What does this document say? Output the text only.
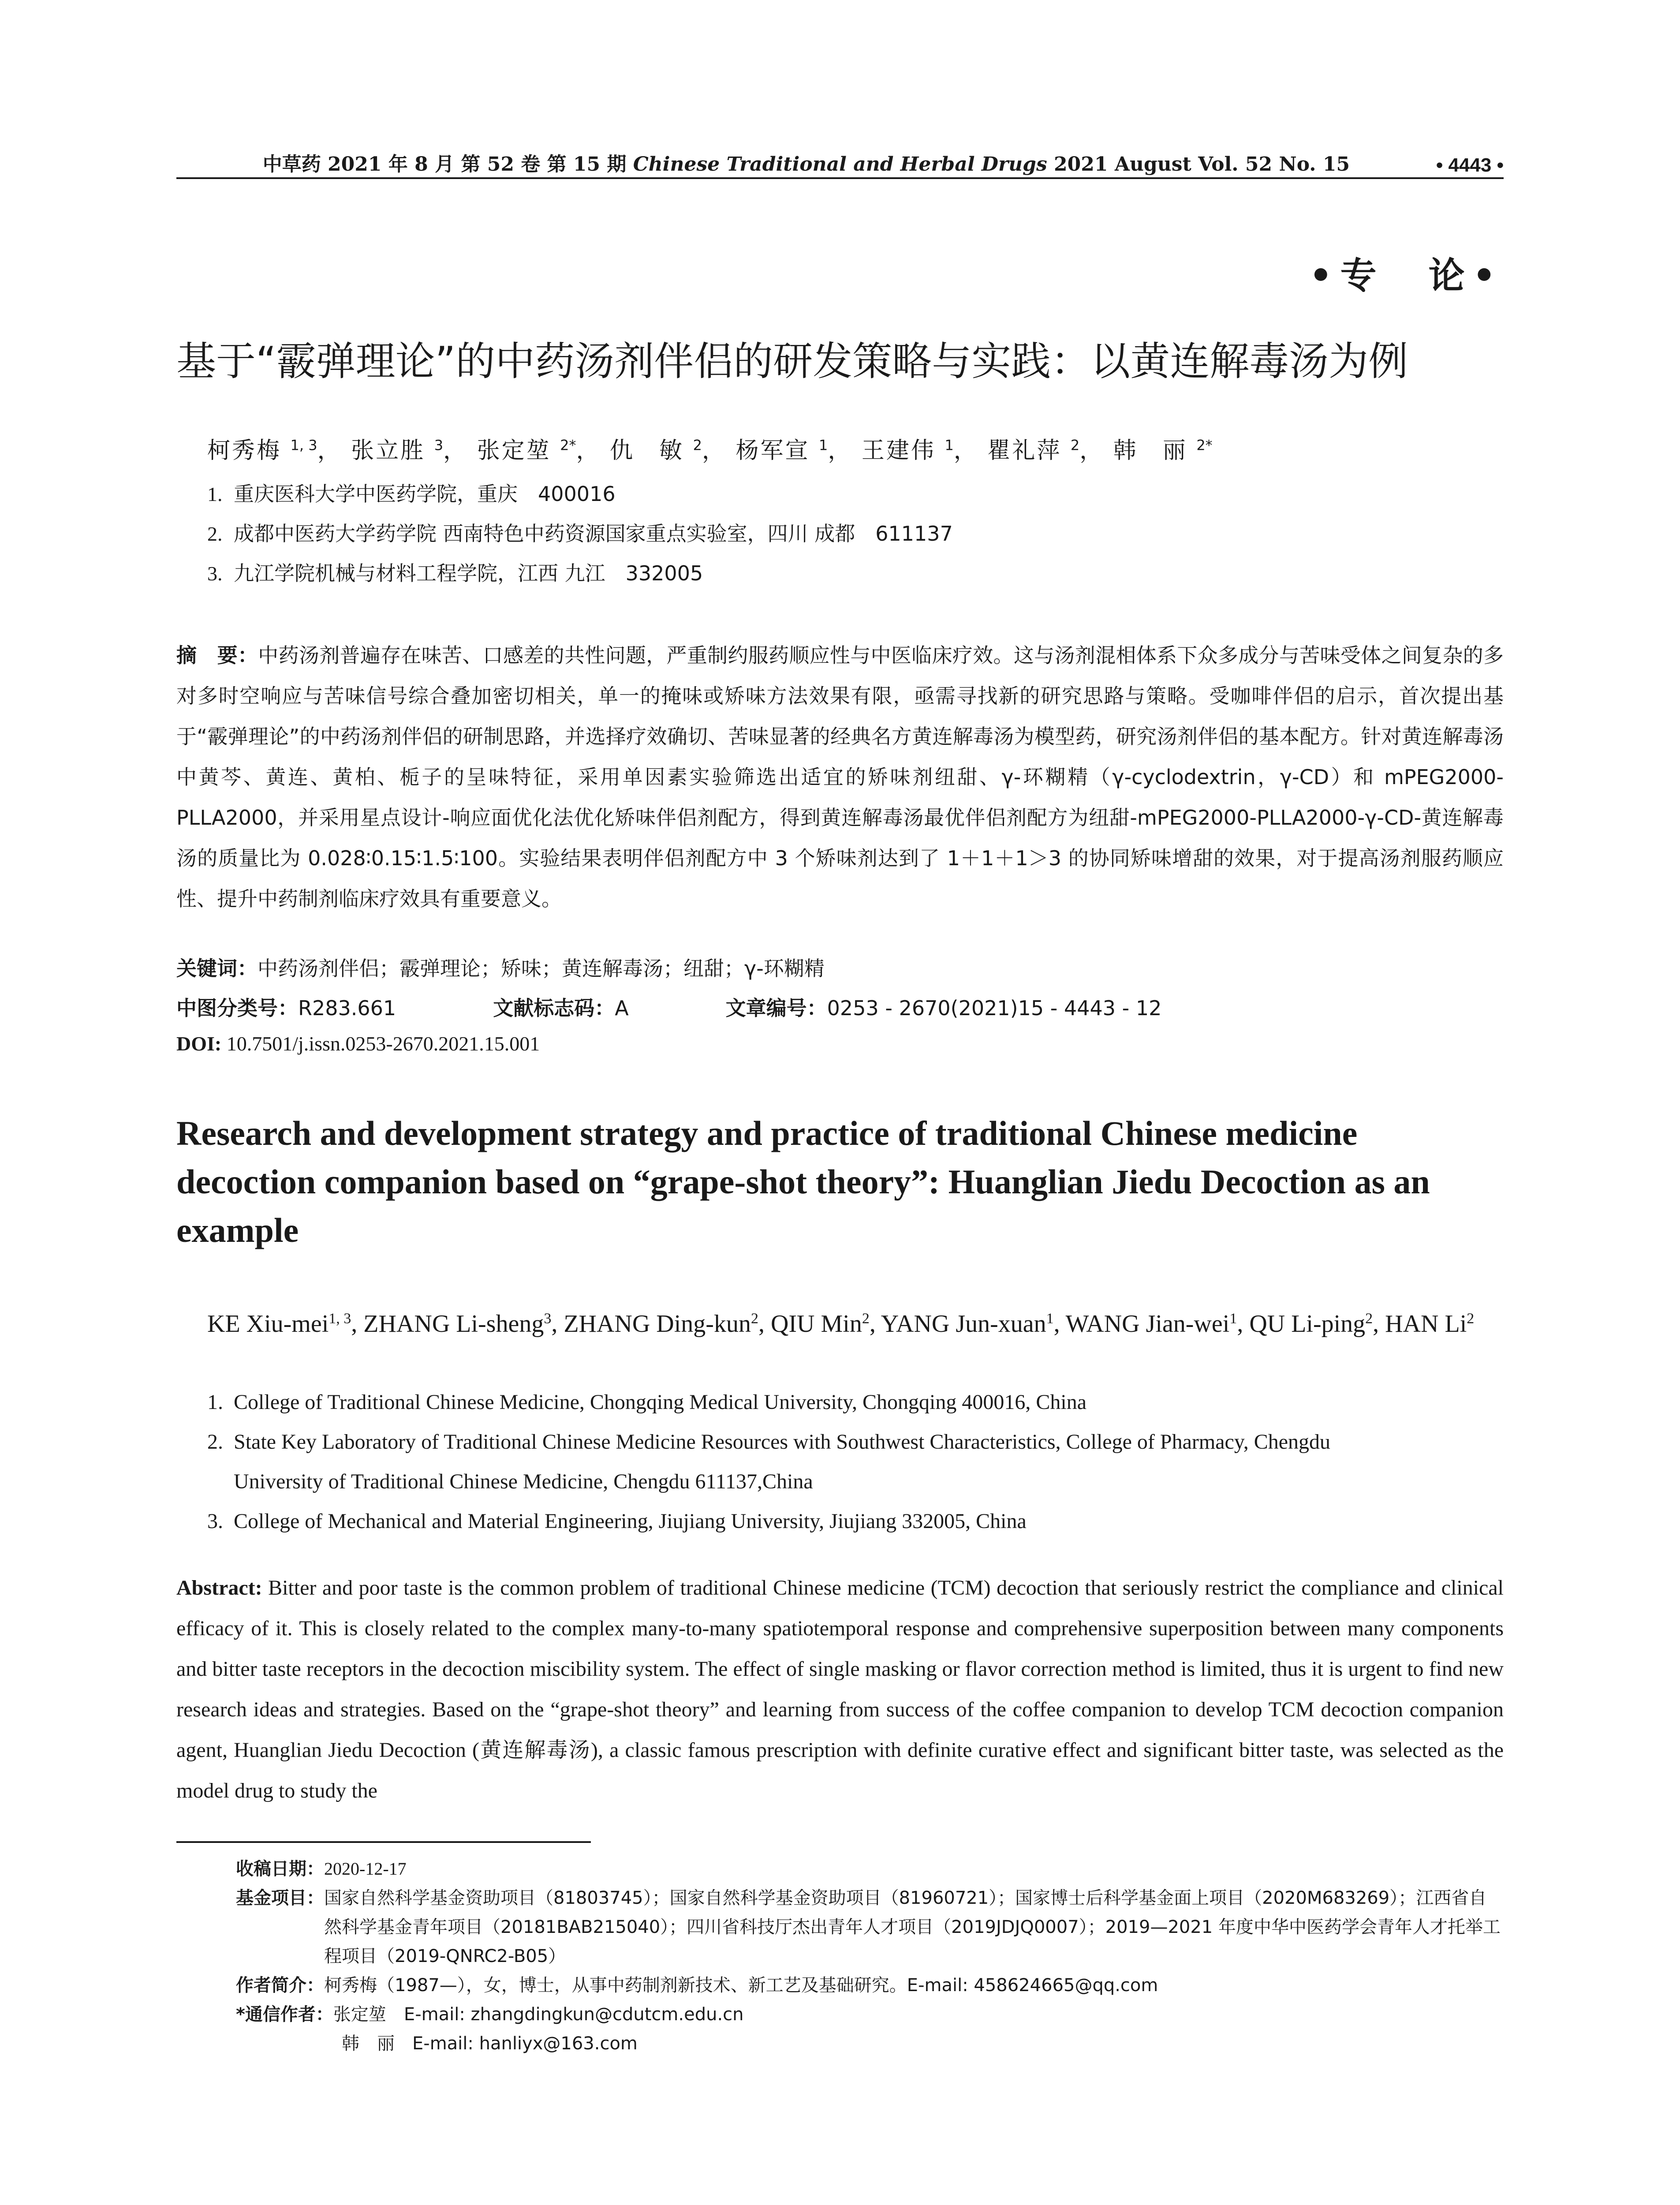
中草药 2021 年 8 月 第 52 卷 第 15 期 Chinese Traditional and Herbal Drugs 2021 August Vol. 52 No. 15	• 4443 •
•专　论•
基于“霰弹理论”的中药汤剂伴侣的研发策略与实践：以黄连解毒汤为例
柯秀梅 $^{1, 3}$， 张立胜 $^3$， 张定堃 $^{2*}$， 仇　敏 $^2$， 杨军宣 $^1$， 王建伟 $^1$， 瞿礼萍 $^2$， 韩　丽 $^{2*}$
1. 重庆医科大学中医药学院，重庆　400016
2. 成都中医药大学药学院 西南特色中药资源国家重点实验室，四川 成都　611137
3. 九江学院机械与材料工程学院，江西 九江　332005
摘　要：中药汤剂普遍存在味苦、口感差的共性问题，严重制约服药顺应性与中医临床疗效。这与汤剂混相体系下众多成分与苦味受体之间复杂的多对多时空响应与苦味信号综合叠加密切相关，单一的掩味或矫味方法效果有限，亟需寻找新的研究思路与策略。受咖啡伴侣的启示，首次提出基于“霰弹理论”的中药汤剂伴侣的研制思路，并选择疗效确切、苦味显著的经典名方黄连解毒汤为模型药，研究汤剂伴侣的基本配方。针对黄连解毒汤中黄芩、黄连、黄柏、栀子的呈味特征，采用单因素实验筛选出适宜的矫味剂纽甜、γ-环糊精（γ-cyclodextrin，γ-CD）和 mPEG2000-PLLA2000，并采用星点设计-响应面优化法优化矫味伴侣剂配方，得到黄连解毒汤最优伴侣剂配方为纽甜-mPEG2000-PLLA2000-γ-CD-黄连解毒汤的质量比为 0.028∶0.15∶1.5∶100。实验结果表明伴侣剂配方中 3 个矫味剂达到了 1＋1＋1＞3 的协同矫味增甜的效果，对于提高汤剂服药顺应性、提升中药制剂临床疗效具有重要意义。
关键词：中药汤剂伴侣；霰弹理论；矫味；黄连解毒汤；纽甜；γ-环糊精
中图分类号：R283.661	文献标志码：A	文章编号：0253 - 2670(2021)15 - 4443 - 12
DOI: 10.7501/j.issn.0253-2670.2021.15.001
Research and development strategy and practice of traditional Chinese medicine decoction companion based on “grape-shot theory”: Huanglian Jiedu Decoction as an example
KE Xiu-mei$^{1, 3}$, ZHANG Li-sheng$^3$, ZHANG Ding-kun$^2$, QIU Min$^2$, YANG Jun-xuan$^1$, WANG Jian-wei$^1$, QU Li-ping$^2$, HAN Li$^2$
1. College of Traditional Chinese Medicine, Chongqing Medical University, Chongqing 400016, China
2. State Key Laboratory of Traditional Chinese Medicine Resources with Southwest Characteristics, College of Pharmacy, Chengdu
University of Traditional Chinese Medicine, Chengdu 611137,China
3. College of Mechanical and Material Engineering, Jiujiang University, Jiujiang 332005, China
Abstract: Bitter and poor taste is the common problem of traditional Chinese medicine (TCM) decoction that seriously restrict the compliance and clinical efficacy of it. This is closely related to the complex many-to-many spatiotemporal response and comprehensive superposition between many components and bitter taste receptors in the decoction miscibility system. The effect of single masking or flavor correction method is limited, thus it is urgent to find new research ideas and strategies. Based on the “grape-shot theory” and learning from success of the coffee companion to develop TCM decoction companion agent, Huanglian Jiedu Decoction (黄连解毒汤), a classic famous prescription with definite curative effect and significant bitter taste, was selected as the model drug to study the
收稿日期： 2020-12-17
基金项目： 国家自然科学基金资助项目（81803745）；国家自然科学基金资助项目（81960721）；国家博士后科学基金面上项目（2020M683269）；江西省自然科学基金青年项目（20181BAB215040）；四川省科技厅杰出青年人才项目（2019JDJQ0007）；2019—2021 年度中华中医药学会青年人才托举工程项目（2019-QNRC2-B05）
作者简介： 柯秀梅（1987—），女，博士，从事中药制剂新技术、新工艺及基础研究。E-mail: 458624665@qq.com
*通信作者： 张定堃　E-mail: zhangdingkun@cdutcm.edu.cn
韩　丽　E-mail: hanliyx@163.com
